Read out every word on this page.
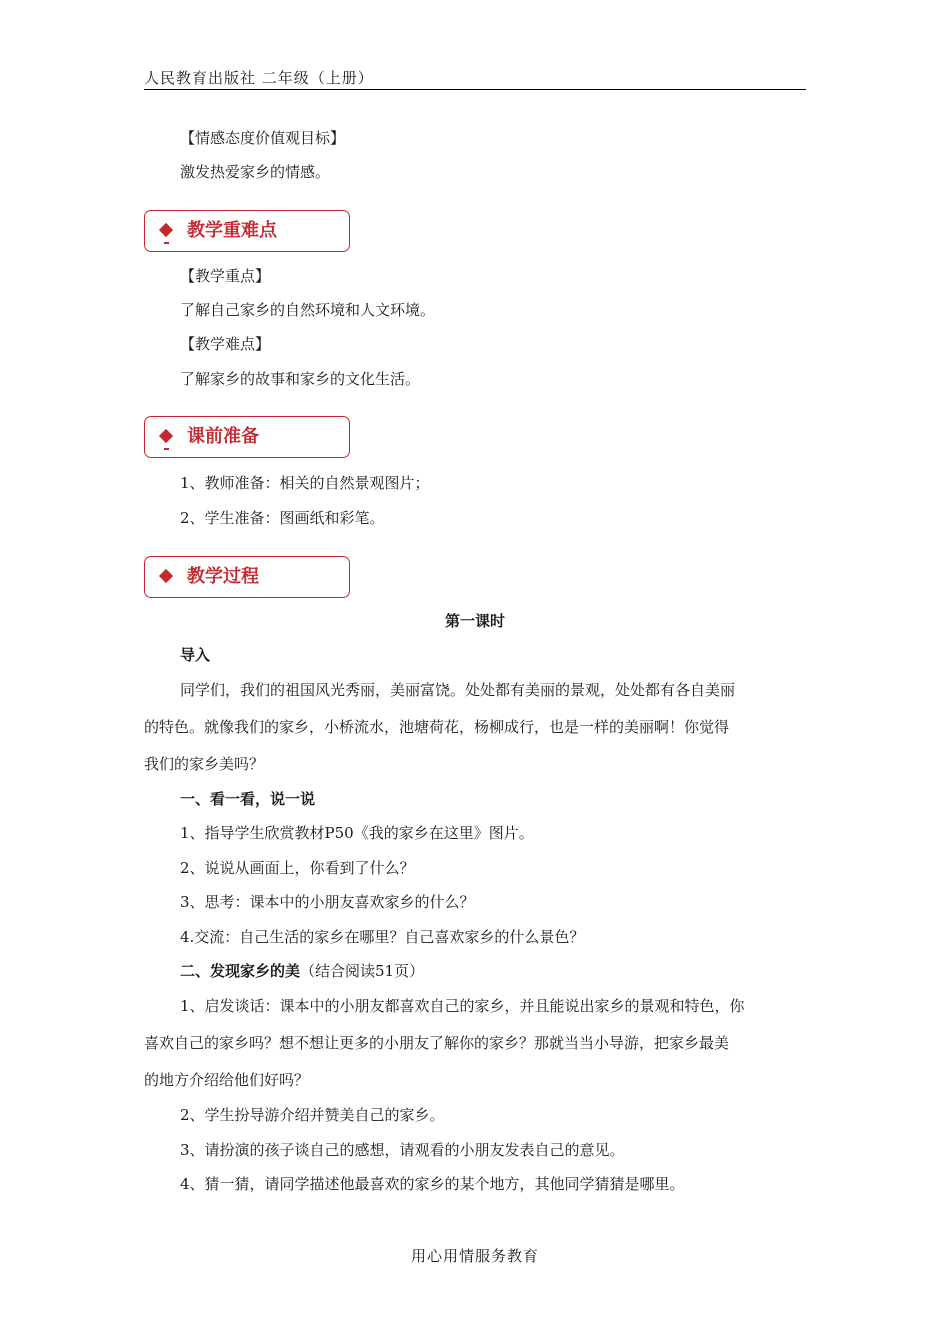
人民教育出版社 二年级（上册）
【情感态度价值观目标】
激发热爱家乡的情感。
教学重难点
【教学重点】
了解自己家乡的自然环境和人文环境。
【教学难点】
了解家乡的故事和家乡的文化生活。
课前准备
1、教师准备：相关的自然景观图片；
2、学生准备：图画纸和彩笔。
教学过程
第一课时
导入
同学们，我们的祖国风光秀丽，美丽富饶。处处都有美丽的景观，处处都有各自美丽
的特色。就像我们的家乡，小桥流水，池塘荷花，杨柳成行，也是一样的美丽啊！你觉得
我们的家乡美吗？
一、看一看，说一说
1、指导学生欣赏教材P50《我的家乡在这里》图片。
2、说说从画面上，你看到了什么？
3、思考：课本中的小朋友喜欢家乡的什么？
4.交流：自己生活的家乡在哪里？自己喜欢家乡的什么景色？
二、发现家乡的美（结合阅读51页）
1、启发谈话：课本中的小朋友都喜欢自己的家乡，并且能说出家乡的景观和特色，你
喜欢自己的家乡吗？想不想让更多的小朋友了解你的家乡？那就当当小导游，把家乡最美
的地方介绍给他们好吗？
2、学生扮导游介绍并赞美自己的家乡。
3、请扮演的孩子谈自己的感想，请观看的小朋友发表自己的意见。
4、猜一猜，请同学描述他最喜欢的家乡的某个地方，其他同学猜猜是哪里。
用心用情服务教育
